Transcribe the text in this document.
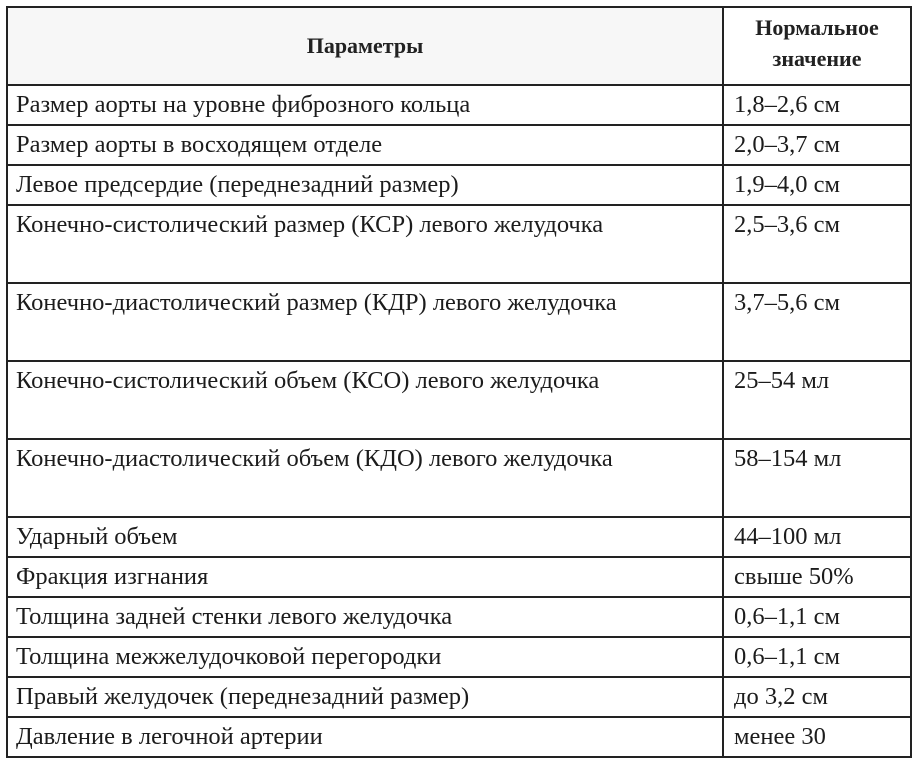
Параметры	Нормальное значение
Размер аорты на уровне фиброзного кольца	1,8–2,6 см
Размер аорты в восходящем отделе	2,0–3,7 см
Левое предсердие (переднезадний размер)	1,9–4,0 см
Конечно-систолический размер (КСР) левого желудочка	2,5–3,6 см
Конечно-диастолический размер (КДР) левого желудочка	3,7–5,6 см
Конечно-систолический объем (КСО) левого желудочка	25–54 мл
Конечно-диастолический объем (КДО) левого желудочка	58–154 мл
Ударный объем	44–100 мл
Фракция изгнания	свыше 50%
Толщина задней стенки левого желудочка	0,6–1,1 см
Толщина межжелудочковой перегородки	0,6–1,1 см
Правый желудочек (переднезадний размер)	до 3,2 см
Давление в легочной артерии	менее 30
